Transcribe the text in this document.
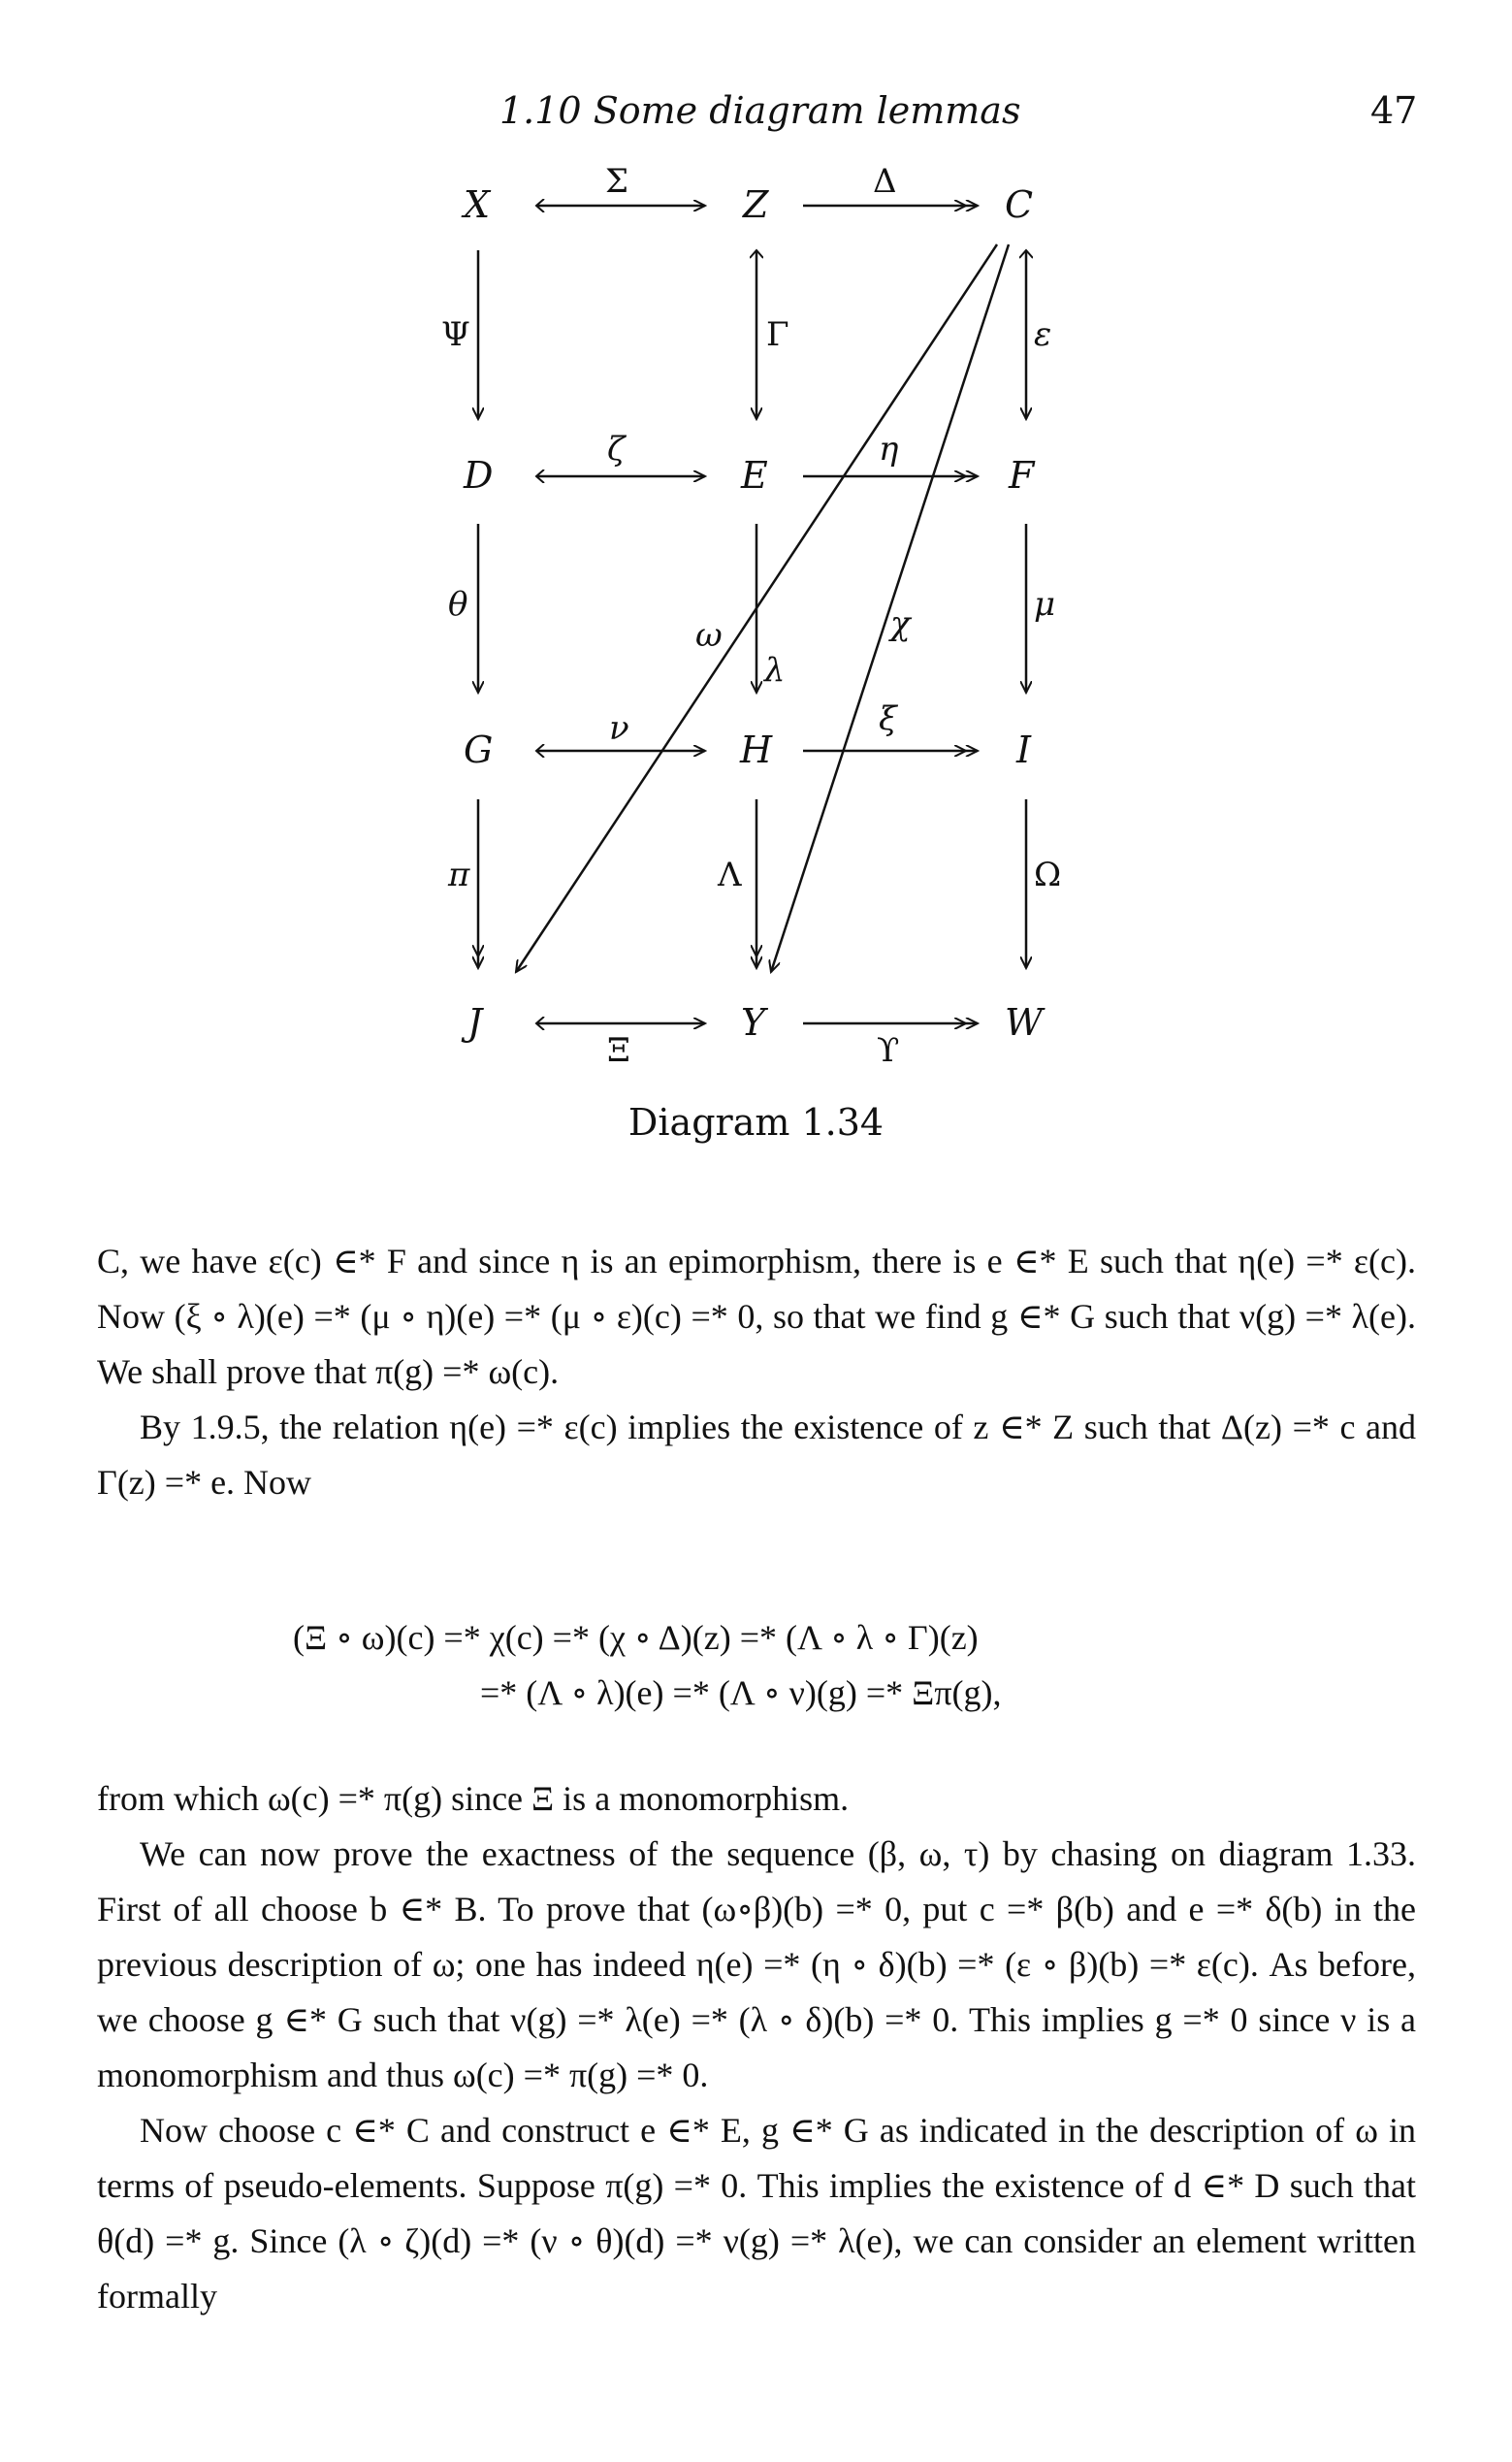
1.10 Some diagram lemmas	47
X	Z	C
D	E	F
G	H	I
J	Y	W
Σ	Δ
Ψ	Γ	ε
ζ	η
θ
ω
λ
χ	μ
ν	ξ
π	Λ	Ω
Ξ	ϒ
Diagram 1.34

C, we have ε(c) ∈* F and since η is an epimorphism, there is e ∈* E such that η(e) =* ε(c). Now (ξ ∘ λ)(e) =* (μ ∘ η)(e) =* (μ ∘ ε)(c) =* 0, so that we find g ∈* G such that ν(g) =* λ(e). We shall prove that π(g) =* ω(c).

By 1.9.5, the relation η(e) =* ε(c) implies the existence of z ∈* Z such that Δ(z) =* c and Γ(z) =* e. Now

(Ξ ∘ ω)(c) =* χ(c) =* (χ ∘ Δ)(z) =* (Λ ∘ λ ∘ Γ)(z)
=* (Λ ∘ λ)(e) =* (Λ ∘ ν)(g) =* Ξπ(g),

from which ω(c) =* π(g) since Ξ is a monomorphism.

We can now prove the exactness of the sequence (β, ω, τ) by chasing on diagram 1.33. First of all choose b ∈* B. To prove that (ω∘β)(b) =* 0, put c =* β(b) and e =* δ(b) in the previous description of ω; one has indeed η(e) =* (η ∘ δ)(b) =* (ε ∘ β)(b) =* ε(c). As before, we choose g ∈* G such that ν(g) =* λ(e) =* (λ ∘ δ)(b) =* 0. This implies g =* 0 since ν is a monomorphism and thus ω(c) =* π(g) =* 0.

Now choose c ∈* C and construct e ∈* E, g ∈* G as indicated in the description of ω in terms of pseudo-elements. Suppose π(g) =* 0. This implies the existence of d ∈* D such that θ(d) =* g. Since (λ ∘ ζ)(d) =* (ν ∘ θ)(d) =* ν(g) =* λ(e), we can consider an element written formally
